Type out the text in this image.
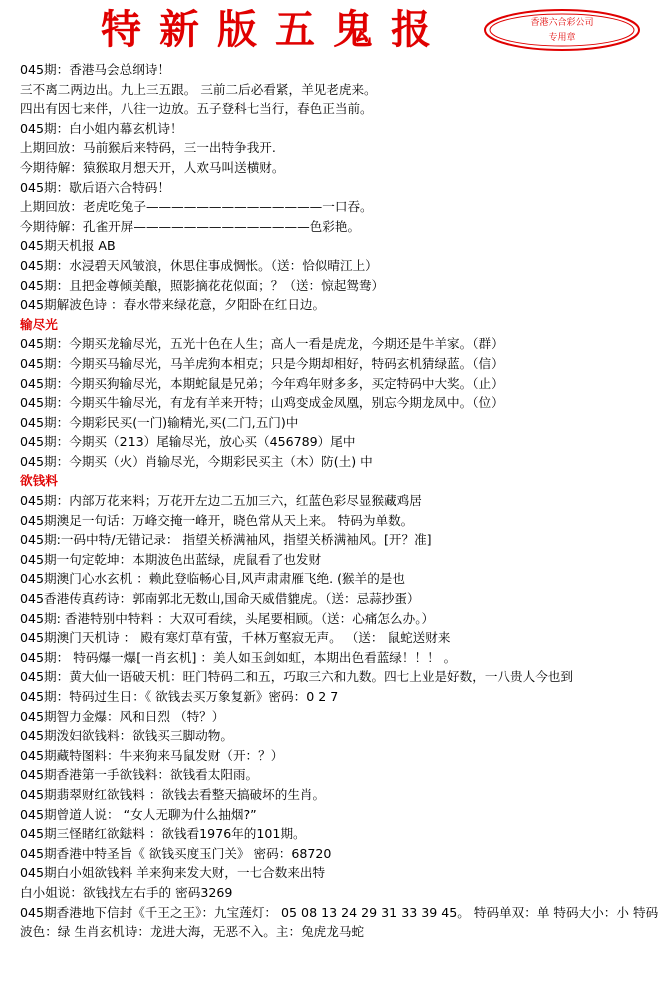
特新版五鬼报	香港六合彩公司
专用章
045期：香港马会总纲诗！
三不离二两边出。九上三五跟。 三前二后必看紧，羊见老虎来。
四出有因七来伴，八往一边放。五子登科七当行，春色正当前。
045期：白小姐内幕玄机诗！
上期回放：马前猴后来特码，三一出特争我开.
今期待解：猿猴取月想天开，人欢马叫送横财。
045期：歇后语六合特码！
上期回放：老虎吃兔子——————————————一口吞。
今期待解：孔雀开屏——————————————色彩艳。
045期天机报 AB
045期：水浸碧天风皱浪，休思住事成惆怅。（送：恰似晴江上）
045期：且把金尊倾美酿，照影摘花花似面；？（送：惊起鸳鸯）
045期解波色诗 ：春水带来绿花意，夕阳卧在红日边。
输尽光
045期：今期买龙输尽光，五光十色在人生；高人一看是虎龙，今期还是牛羊家。（群）
045期：今期买马输尽光，马羊虎狗本相克；只是今期却相好，特码玄机猜绿蓝。（信）
045期：今期买狗输尽光，本期蛇鼠是兄弟；今年鸡年财多多，买定特码中大奖。（止）
045期：今期买牛输尽光，有龙有羊来开特；山鸡变成金凤凰，别忘今期龙凤中。（位）
045期：今期彩民买(一门)输精光,买(二门,五门)中
045期：今期买（213）尾输尽光，放心买（456789）尾中
045期：今期买（火）肖输尽光，今期彩民买主（木）防(土) 中
欲钱料
045期：内部万花来料；万花开左边二五加三六，红蓝色彩尽显猴藏鸡居
045期澳足一句话：万峰交掩一峰开，晓色常从天上来。 特码为单数。
045期:一码中特/无错记录： 指望关桥满袖风，指望关桥满袖风。[开？准]
045期一句定乾坤：本期波色出蓝绿，虎鼠看了也发财
045期澳门心水玄机 ：赖此登临畅心目,风声肃肃雁飞绝. (猴羊的是也
045香港传真药诗：郭南郭北无数山,国命天威借貔虎。（送：忌蒜抄蛋）
045期: 香港特别中特料 ：大双可看续，头尾要相顾。（送：心痛怎么办。）
045期澳门天机诗 ： 殿有寒灯草有萤，千林万壑寂无声。 （送： 鼠蛇送财来
045期： 特码爆一爆[一肖玄机] ：美人如玉剑如虹，本期出色看蓝绿！！！ 。
045期：黄大仙一语破天机：旺门特码二和五，巧取三六和九数。四七上业是好数，一八贵人今也到
045期：特码过生日：《 欲钱去买万象复新》密码：0 2 7
045期智力金爆：风和日烈 （特？）
045期泼妇欲钱料：欲钱买三脚动物。
045期藏特图料：牛来狗来马鼠发财（开：？）
045期香港第一手欲钱料：欲钱看太阳雨。
045期翡翠财红欲钱料 ：欲钱去看整天搞破坏的生肖。
045期曾道人说： “女人无聊为什么抽烟?”
045期三怪睹红欲鍅料 ：欲钱看1976年的101期。
045期香港中特圣旨《 欲钱买度玉门关》 密码：68720
045期白小姐欲钱料 羊来狗来发大财，一七合数来出特
白小姐说：欲钱找左右手的 密码3269
045期香港地下信封《千王之王》：九宝莲灯： 05 08 13 24 29 31 33 39 45。 特码单双：单 特码大小：小 特码波色：绿 生肖玄机诗：龙进大海，无恶不入。主：兔虎龙马蛇
